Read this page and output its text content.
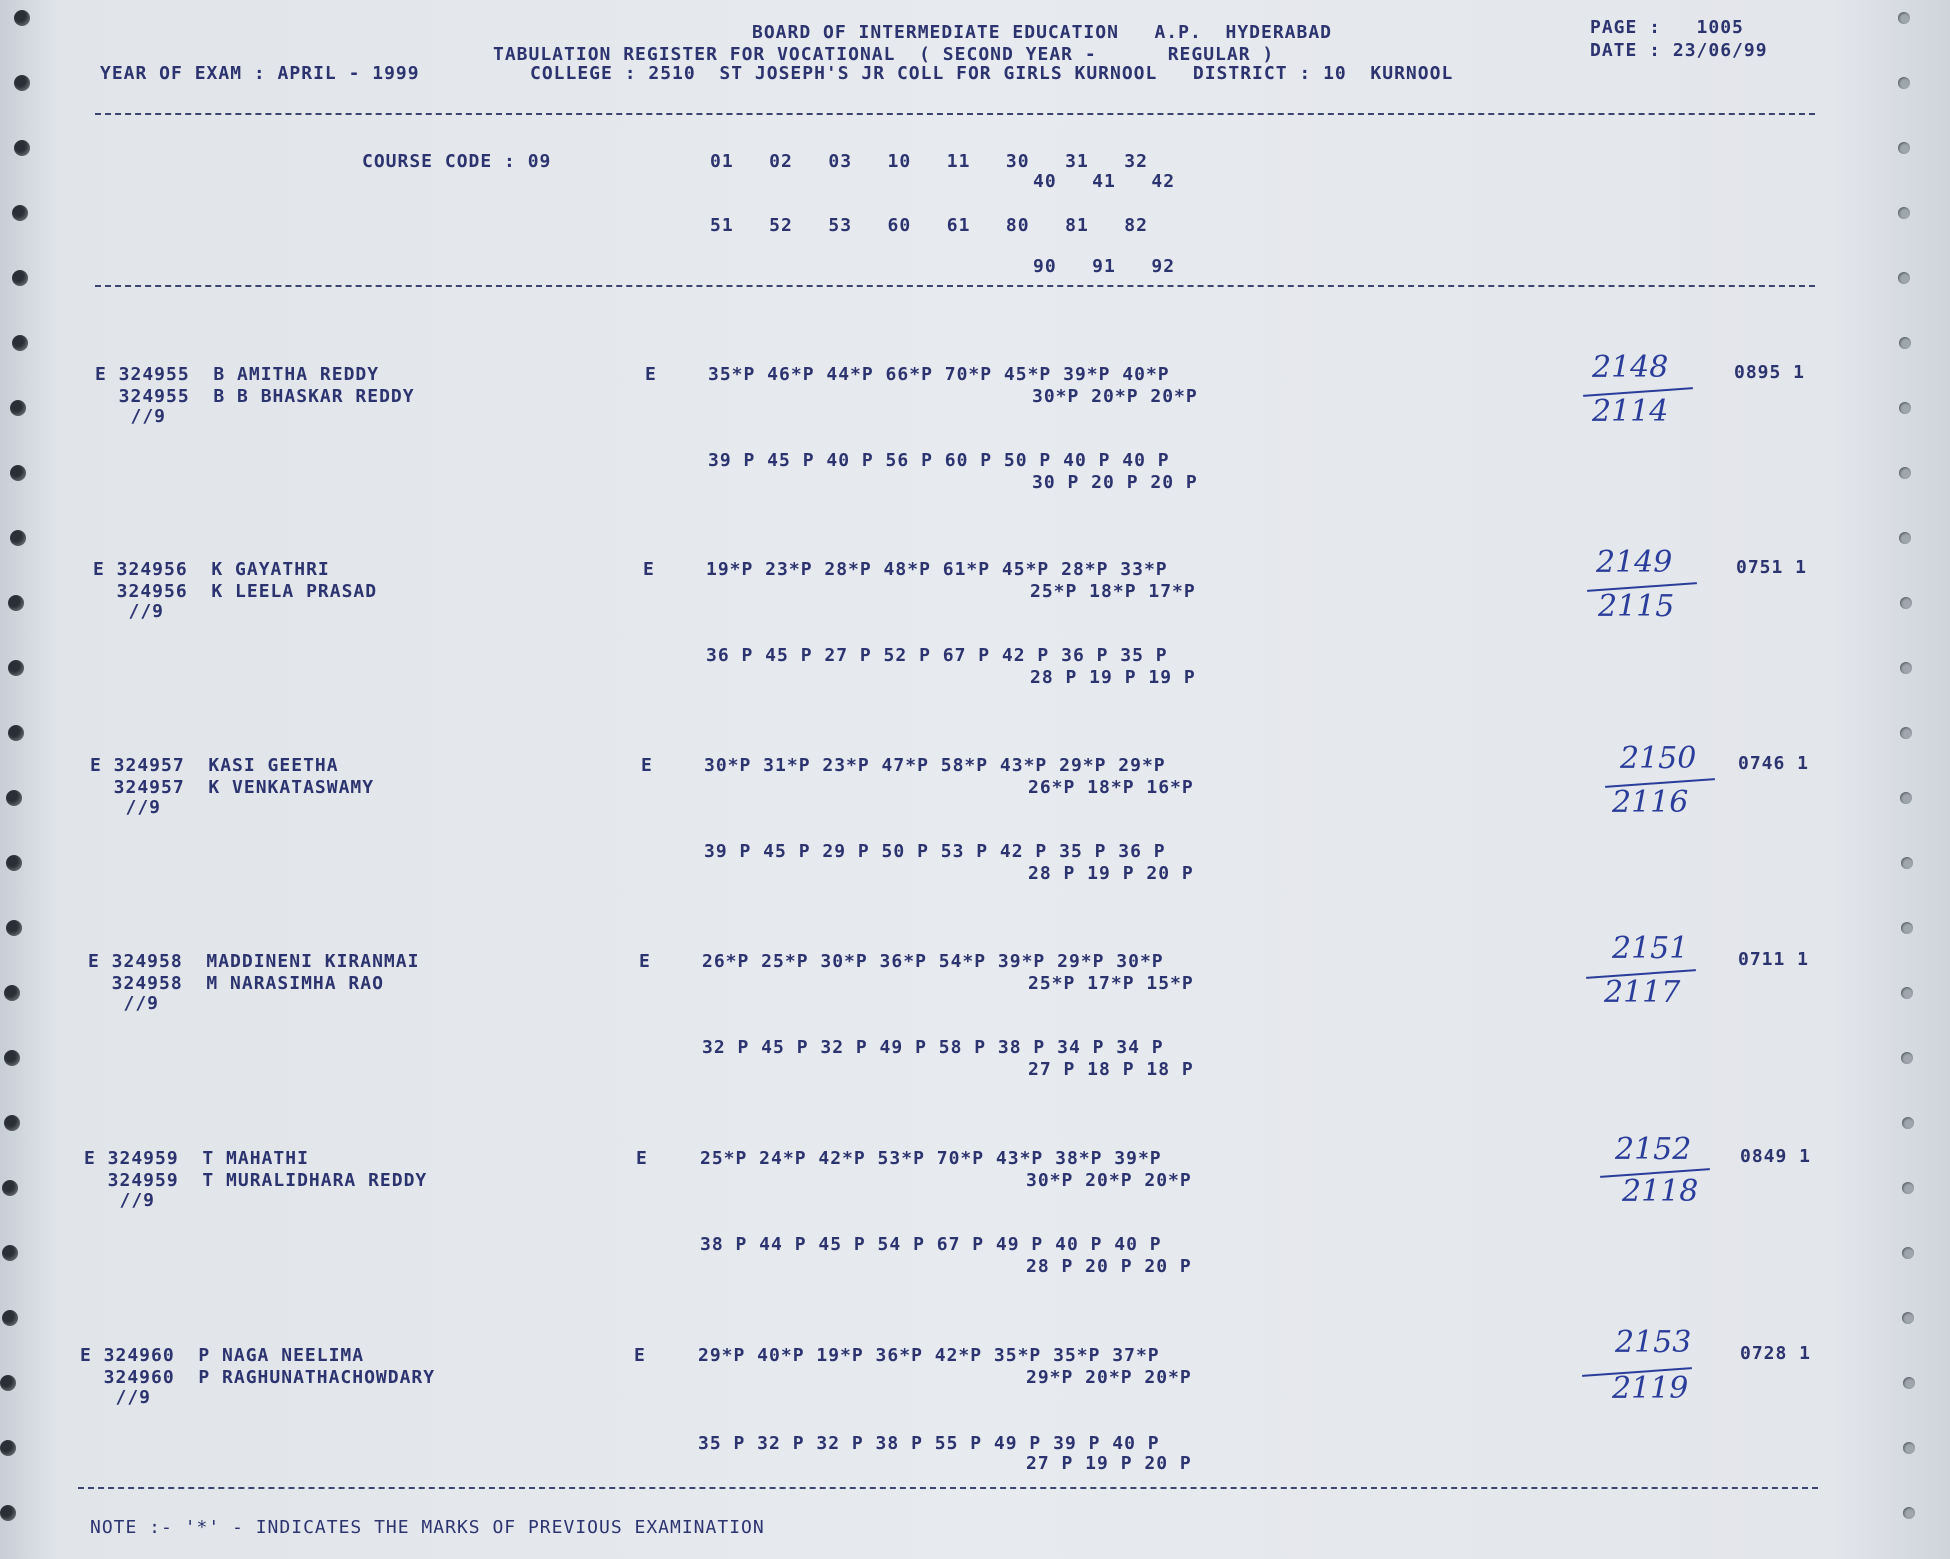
BOARD OF INTERMEDIATE EDUCATION   A.P.  HYDERABAD
TABULATION REGISTER FOR VOCATIONAL  ( SECOND YEAR -      REGULAR )
YEAR OF EXAM : APRIL - 1999	COLLEGE : 2510  ST JOSEPH'S JR COLL FOR GIRLS KURNOOL   DISTRICT : 10  KURNOOL
PAGE :   1005
DATE : 23/06/99
COURSE CODE : 09	01   02   03   10   11   30   31   32
40   41   42
51   52   53   60   61   80   81   82
90   91   92
E 324955  B AMITHA REDDY
324955  B B BHASKAR REDDY
//9
E	35*P 46*P 44*P 66*P 70*P 45*P 39*P 40*P
30*P 20*P 20*P
39 P 45 P 40 P 56 P 60 P 50 P 40 P 40 P
30 P 20 P 20 P
2148
2114
0895 1
E 324956  K GAYATHRI
324956  K LEELA PRASAD
//9
E	19*P 23*P 28*P 48*P 61*P 45*P 28*P 33*P
25*P 18*P 17*P
36 P 45 P 27 P 52 P 67 P 42 P 36 P 35 P
28 P 19 P 19 P
2149
2115
0751 1
E 324957  KASI GEETHA
324957  K VENKATASWAMY
//9
E	30*P 31*P 23*P 47*P 58*P 43*P 29*P 29*P
26*P 18*P 16*P
39 P 45 P 29 P 50 P 53 P 42 P 35 P 36 P
28 P 19 P 20 P
2150
2116
0746 1
E 324958  MADDINENI KIRANMAI
324958  M NARASIMHA RAO
//9
E	26*P 25*P 30*P 36*P 54*P 39*P 29*P 30*P
25*P 17*P 15*P
32 P 45 P 32 P 49 P 58 P 38 P 34 P 34 P
27 P 18 P 18 P
2151
2117
0711 1
E 324959  T MAHATHI
324959  T MURALIDHARA REDDY
//9
E	25*P 24*P 42*P 53*P 70*P 43*P 38*P 39*P
30*P 20*P 20*P
38 P 44 P 45 P 54 P 67 P 49 P 40 P 40 P
28 P 20 P 20 P
2152
2118
0849 1
E 324960  P NAGA NEELIMA
324960  P RAGHUNATHACHOWDARY
//9
E	29*P 40*P 19*P 36*P 42*P 35*P 35*P 37*P
29*P 20*P 20*P
35 P 32 P 32 P 38 P 55 P 49 P 39 P 40 P
27 P 19 P 20 P
2153
2119
0728 1
NOTE :- '*' - INDICATES THE MARKS OF PREVIOUS EXAMINATION
